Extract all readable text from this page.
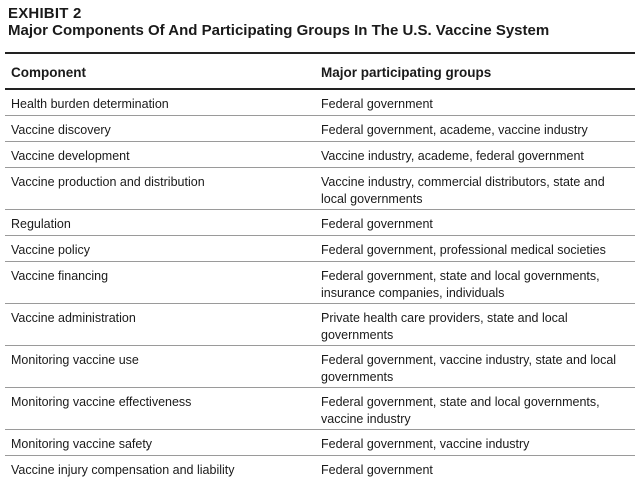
EXHIBIT 2
Major Components Of And Participating Groups In The U.S. Vaccine System
Component	Major participating groups
Health burden determination	Federal government
Vaccine discovery	Federal government, academe, vaccine industry
Vaccine development	Vaccine industry, academe, federal government
Vaccine production and distribution	Vaccine industry, commercial distributors, state and local governments
Regulation	Federal government
Vaccine policy	Federal government, professional medical societies
Vaccine financing	Federal government, state and local governments, insurance companies, individuals
Vaccine administration	Private health care providers, state and local governments
Monitoring vaccine use	Federal government, vaccine industry, state and local governments
Monitoring vaccine effectiveness	Federal government, state and local governments, vaccine industry
Monitoring vaccine safety	Federal government, vaccine industry
Vaccine injury compensation and liability	Federal government
